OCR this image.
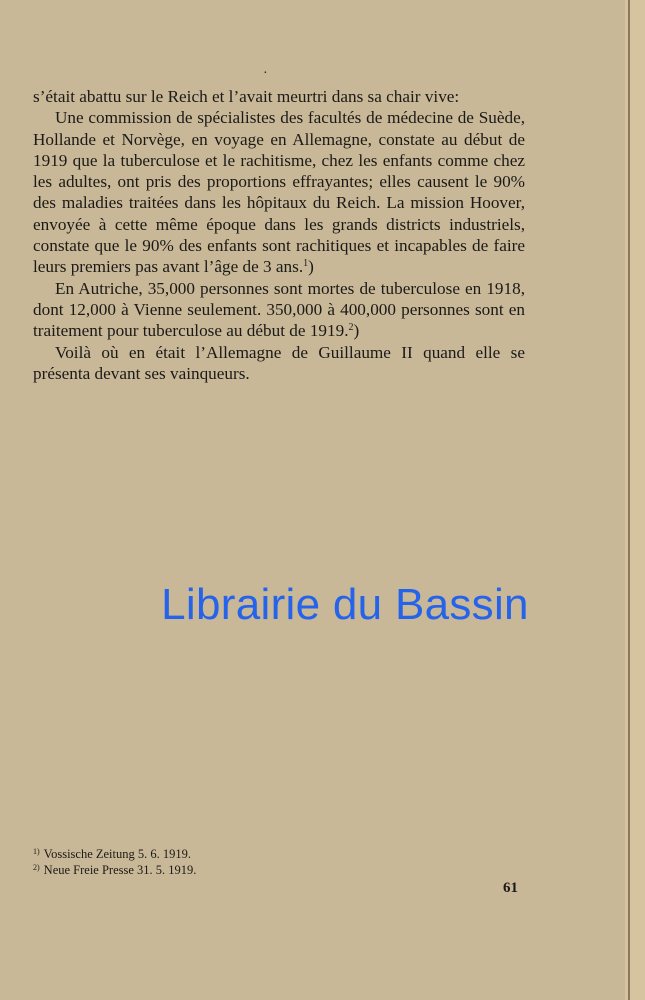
·

s’était abattu sur le Reich et l’avait meurtri dans sa chair vive:

Une commission de spécialistes des facultés de médecine de Suède, Hollande et Norvège, en voyage en Allemagne, constate au début de 1919 que la tuberculose et le rachitisme, chez les enfants comme chez les adultes, ont pris des proportions effrayantes; elles causent le 90% des maladies traitées dans les hôpitaux du Reich. La mission Hoover, envoyée à cette même époque dans les grands districts industriels, constate que le 90% des enfants sont rachitiques et incapables de faire leurs premiers pas avant l’âge de 3 ans.$^1$)

En Autriche, 35,000 personnes sont mortes de tuberculose en 1918, dont 12,000 à Vienne seulement. 350,000 à 400,000 personnes sont en traitement pour tuberculose au début de 1919.$^2$)

Voilà où en était l’Allemagne de Guillaume II quand elle se présenta devant ses vainqueurs.

Librairie du Bassin
$^{1)}$ Vossische Zeitung 5. 6. 1919.
$^{2)}$ Neue Freie Presse 31. 5. 1919.
61
